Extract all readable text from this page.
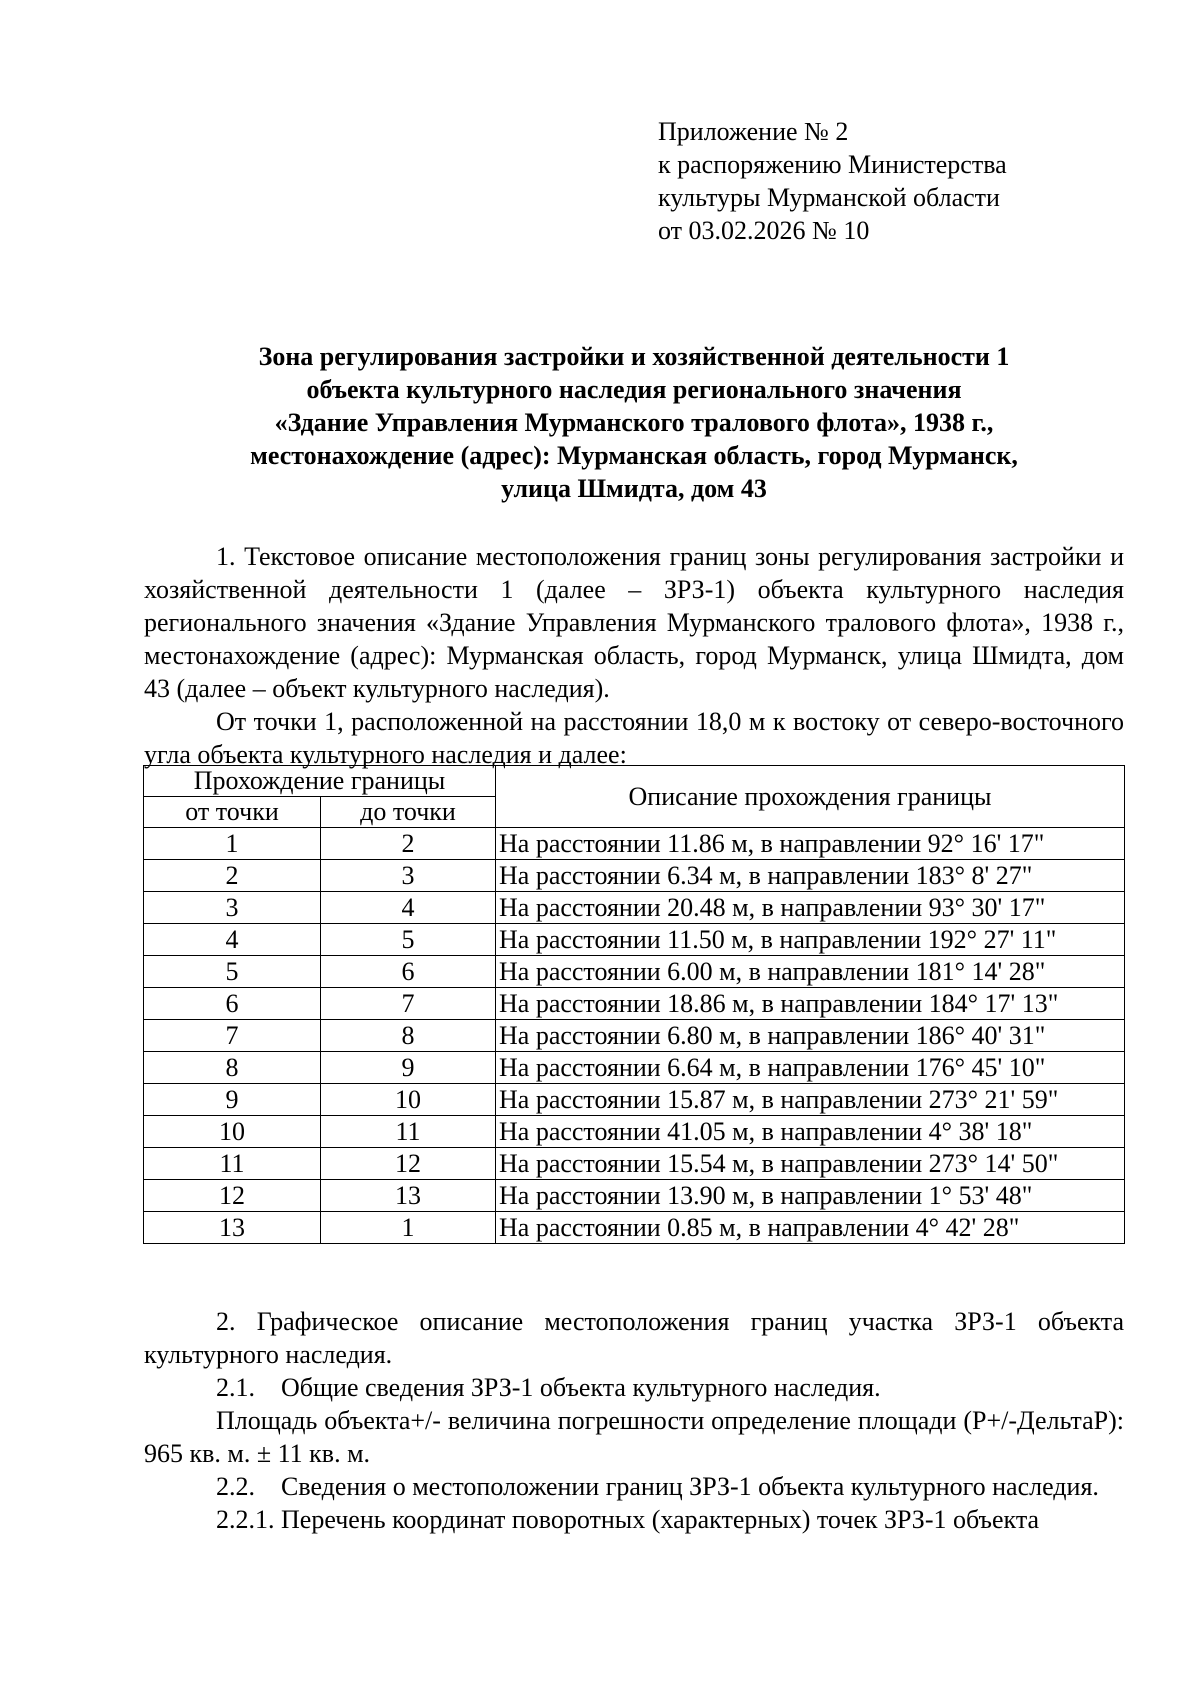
Приложение № 2
к распоряжению Министерства
культуры Мурманской области
от 03.02.2026 № 10
Зона регулирования застройки и хозяйственной деятельности 1
объекта культурного наследия регионального значения
«Здание Управления Мурманского тралового флота», 1938 г.,
местонахождение (адрес): Мурманская область, город Мурманск,
улица Шмидта, дом 43

1. Текстовое описание местоположения границ зоны регулирования застройки и хозяйственной деятельности 1 (далее – ЗРЗ-1) объекта культурного наследия регионального значения «Здание Управления Мурманского тралового флота», 1938 г., местонахождение (адрес): Мурманская область, город Мурманск, улица Шмидта, дом 43 (далее – объект культурного наследия).

От точки 1, расположенной на расстоянии 18,0 м к востоку от северо-восточного угла объекта культурного наследия и далее:

Прохождение границы		Описание прохождения границы
от точки	до точки	
1	2	На расстоянии 11.86 м, в направлении 92° 16' 17"
2	3	На расстоянии 6.34 м, в направлении 183° 8' 27"
3	4	На расстоянии 20.48 м, в направлении 93° 30' 17"
4	5	На расстоянии 11.50 м, в направлении 192° 27' 11"
5	6	На расстоянии 6.00 м, в направлении 181° 14' 28"
6	7	На расстоянии 18.86 м, в направлении 184° 17' 13"
7	8	На расстоянии 6.80 м, в направлении 186° 40' 31"
8	9	На расстоянии 6.64 м, в направлении 176° 45' 10"
9	10	На расстоянии 15.87 м, в направлении 273° 21' 59"
10	11	На расстоянии 41.05 м, в направлении 4° 38' 18"
11	12	На расстоянии 15.54 м, в направлении 273° 14' 50"
12	13	На расстоянии 13.90 м, в направлении 1° 53' 48"
13	1	На расстоянии 0.85 м, в направлении 4° 42' 28"

2. Графическое описание местоположения границ участка ЗРЗ-1 объекта культурного наследия.

2.1.    Общие сведения ЗРЗ-1 объекта культурного наследия.

Площадь объекта+/- величина погрешности определение площади (P+/-ДельтаP): 965 кв. м. ± 11 кв. м.

2.2.    Сведения о местоположении границ ЗРЗ-1 объекта культурного наследия.

2.2.1. Перечень координат поворотных (характерных) точек ЗРЗ-1 объекта
